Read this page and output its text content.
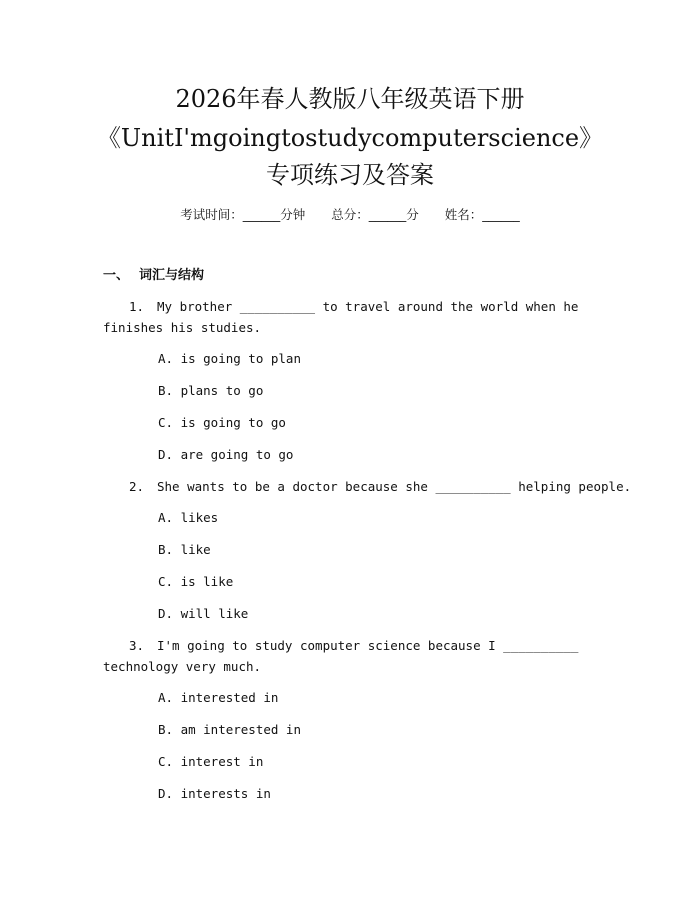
2026年春人教版八年级英语下册
《UnitI'mgoingtostudycomputerscience》
专项练习及答案
考试时间：______分钟 总分：______分 姓名：______
一、 词汇与结构
1. My brother __________ to travel around the world when he
finishes his studies.
A. is going to plan
B. plans to go
C. is going to go
D. are going to go
2. She wants to be a doctor because she __________ helping people.
A. likes
B. like
C. is like
D. will like
3. I'm going to study computer science because I __________
technology very much.
A. interested in
B. am interested in
C. interest in
D. interests in
